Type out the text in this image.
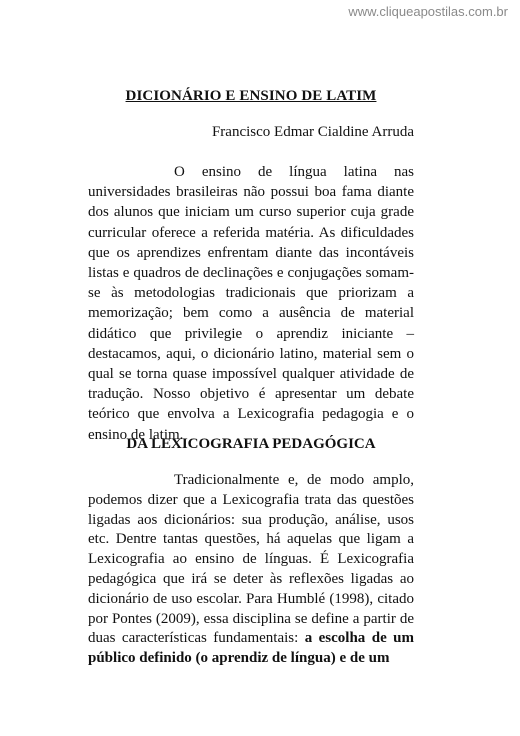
www.cliqueapostilas.com.br
DICIONÁRIO E ENSINO DE LATIM
Francisco Edmar Cialdine Arruda

O ensino de língua latina nas universidades brasileiras não possui boa fama diante dos alunos que iniciam um curso superior cuja grade curricular oferece a referida matéria. As dificuldades que os aprendizes enfrentam diante das incontáveis listas e quadros de declinações e conjugações somam-se às metodologias tradicionais que priorizam a memorização; bem como a ausência de material didático que privilegie o aprendiz iniciante – destacamos, aqui, o dicionário latino, material sem o qual se torna quase impossível qualquer atividade de tradução. Nosso objetivo é apresentar um debate teórico que envolva a Lexicografia pedagogia e o ensino de latim.

DA LEXICOGRAFIA PEDAGÓGICA

Tradicionalmente e, de modo amplo, podemos dizer que a Lexicografia trata das questões ligadas aos dicionários: sua produção, análise, usos etc. Dentre tantas questões, há aquelas que ligam a Lexicografia ao ensino de línguas. É Lexicografia pedagógica que irá se deter às reflexões ligadas ao dicionário de uso escolar. Para Humblé (1998), citado por Pontes (2009), essa disciplina se define a partir de duas características fundamentais: a escolha de um público definido (o aprendiz de língua) e de um
